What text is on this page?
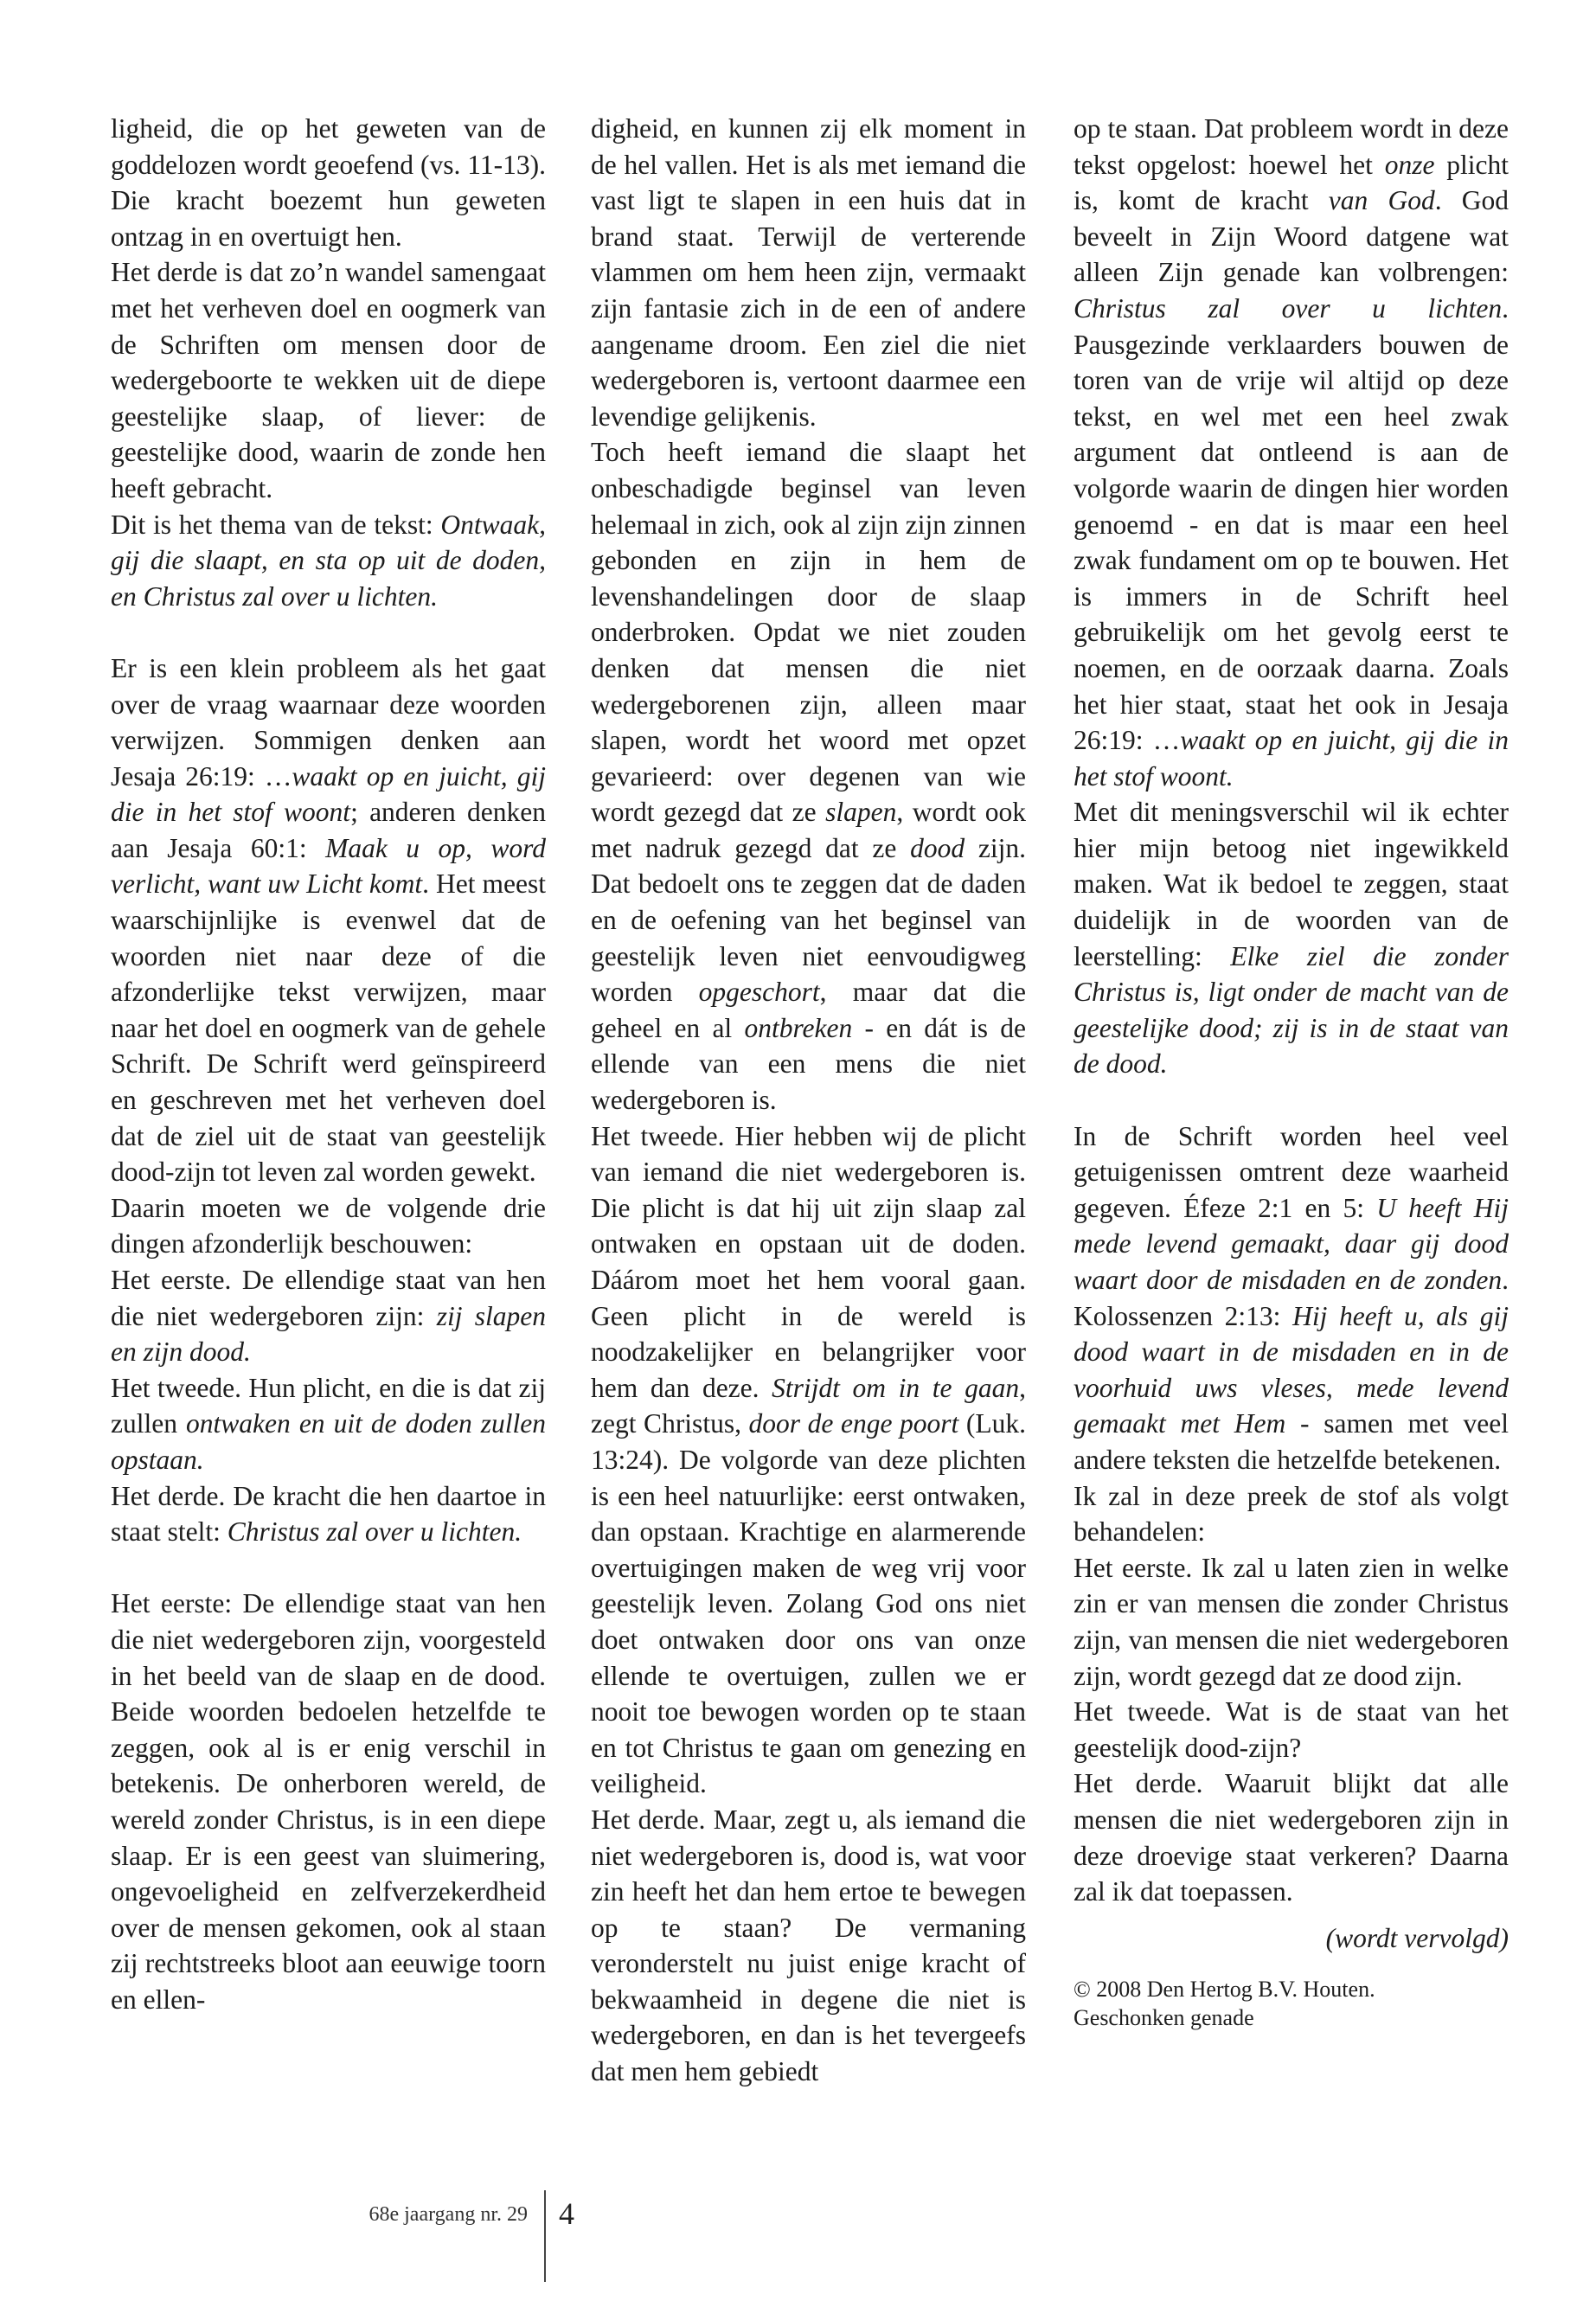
ligheid, die op het geweten van de goddelozen wordt geoefend (vs. 11-13). Die kracht boezemt hun geweten ontzag in en overtuigt hen.

Het derde is dat zo’n wandel samengaat met het verheven doel en oogmerk van de Schriften om mensen door de wedergeboorte te wekken uit de diepe geestelijke slaap, of liever: de geestelijke dood, waarin de zonde hen heeft gebracht.

Dit is het thema van de tekst: Ontwaak, gij die slaapt, en sta op uit de doden, en Christus zal over u lichten.

Er is een klein probleem als het gaat over de vraag waarnaar deze woorden verwijzen. Sommigen denken aan Jesaja 26:19: …waakt op en juicht, gij die in het stof woont; anderen denken aan Jesaja 60:1: Maak u op, word verlicht, want uw Licht komt. Het meest waarschijnlijke is evenwel dat de woorden niet naar deze of die afzonderlijke tekst verwijzen, maar naar het doel en oogmerk van de gehele Schrift. De Schrift werd geïnspireerd en geschreven met het verheven doel dat de ziel uit de staat van geestelijk dood-zijn tot leven zal worden gewekt.

Daarin moeten we de volgende drie dingen afzonderlijk beschouwen:

Het eerste. De ellendige staat van hen die niet wedergeboren zijn: zij slapen en zijn dood.

Het tweede. Hun plicht, en die is dat zij zullen ontwaken en uit de doden zullen opstaan.

Het derde. De kracht die hen daartoe in staat stelt: Christus zal over u lichten.

Het eerste: De ellendige staat van hen die niet wedergeboren zijn, voorgesteld in het beeld van de slaap en de dood. Beide woorden bedoelen hetzelfde te zeggen, ook al is er enig verschil in betekenis. De onherboren wereld, de wereld zonder Christus, is in een diepe slaap. Er is een geest van sluimering, ongevoeligheid en zelfverzekerdheid over de mensen gekomen, ook al staan zij rechtstreeks bloot aan eeuwige toorn en ellen-

digheid, en kunnen zij elk moment in de hel vallen. Het is als met iemand die vast ligt te slapen in een huis dat in brand staat. Terwijl de verterende vlammen om hem heen zijn, vermaakt zijn fantasie zich in de een of andere aangename droom. Een ziel die niet wedergeboren is, vertoont daarmee een levendige gelijkenis.

Toch heeft iemand die slaapt het onbeschadigde beginsel van leven helemaal in zich, ook al zijn zijn zinnen gebonden en zijn in hem de levenshandelingen door de slaap onderbroken. Opdat we niet zouden denken dat mensen die niet wedergeborenen zijn, alleen maar slapen, wordt het woord met opzet gevarieerd: over degenen van wie wordt gezegd dat ze slapen, wordt ook met nadruk gezegd dat ze dood zijn. Dat bedoelt ons te zeggen dat de daden en de oefening van het beginsel van geestelijk leven niet eenvoudigweg worden opgeschort, maar dat die geheel en al ontbreken - en dát is de ellende van een mens die niet wedergeboren is.

Het tweede. Hier hebben wij de plicht van iemand die niet wedergeboren is. Die plicht is dat hij uit zijn slaap zal ontwaken en opstaan uit de doden. Dáárom moet het hem vooral gaan. Geen plicht in de wereld is noodzakelijker en belangrijker voor hem dan deze. Strijdt om in te gaan, zegt Christus, door de enge poort (Luk. 13:24). De volgorde van deze plichten is een heel natuurlijke: eerst ontwaken, dan opstaan. Krachtige en alarmerende overtuigingen maken de weg vrij voor geestelijk leven. Zolang God ons niet doet ontwaken door ons van onze ellende te overtuigen, zullen we er nooit toe bewogen worden op te staan en tot Christus te gaan om genezing en veiligheid.

Het derde. Maar, zegt u, als iemand die niet wedergeboren is, dood is, wat voor zin heeft het dan hem ertoe te bewegen op te staan? De vermaning veronderstelt nu juist enige kracht of bekwaamheid in degene die niet is wedergeboren, en dan is het tevergeefs dat men hem gebiedt

op te staan. Dat probleem wordt in deze tekst opgelost: hoewel het onze plicht is, komt de kracht van God. God beveelt in Zijn Woord datgene wat alleen Zijn genade kan volbrengen: Christus zal over u lichten. Pausgezinde verklaarders bouwen de toren van de vrije wil altijd op deze tekst, en wel met een heel zwak argument dat ontleend is aan de volgorde waarin de dingen hier worden genoemd - en dat is maar een heel zwak fundament om op te bouwen. Het is immers in de Schrift heel gebruikelijk om het gevolg eerst te noemen, en de oorzaak daarna. Zoals het hier staat, staat het ook in Jesaja 26:19: …waakt op en juicht, gij die in het stof woont.

Met dit meningsverschil wil ik echter hier mijn betoog niet ingewikkeld maken. Wat ik bedoel te zeggen, staat duidelijk in de woorden van de leerstelling: Elke ziel die zonder Christus is, ligt onder de macht van de geestelijke dood; zij is in de staat van de dood.

In de Schrift worden heel veel getuigenissen omtrent deze waarheid gegeven. Éfeze 2:1 en 5: U heeft Hij mede levend gemaakt, daar gij dood waart door de misdaden en de zonden. Kolossenzen 2:13: Hij heeft u, als gij dood waart in de misdaden en in de voorhuid uws vleses, mede levend gemaakt met Hem - samen met veel andere teksten die hetzelfde betekenen.

Ik zal in deze preek de stof als volgt behandelen:

Het eerste. Ik zal u laten zien in welke zin er van mensen die zonder Christus zijn, van mensen die niet wedergeboren zijn, wordt gezegd dat ze dood zijn.

Het tweede. Wat is de staat van het geestelijk dood-zijn?

Het derde. Waaruit blijkt dat alle mensen die niet wedergeboren zijn in deze droevige staat verkeren? Daarna zal ik dat toepassen.

(wordt vervolgd)

© 2008 Den Hertog B.V. Houten.
Geschonken genade

68e jaargang nr. 29 4
